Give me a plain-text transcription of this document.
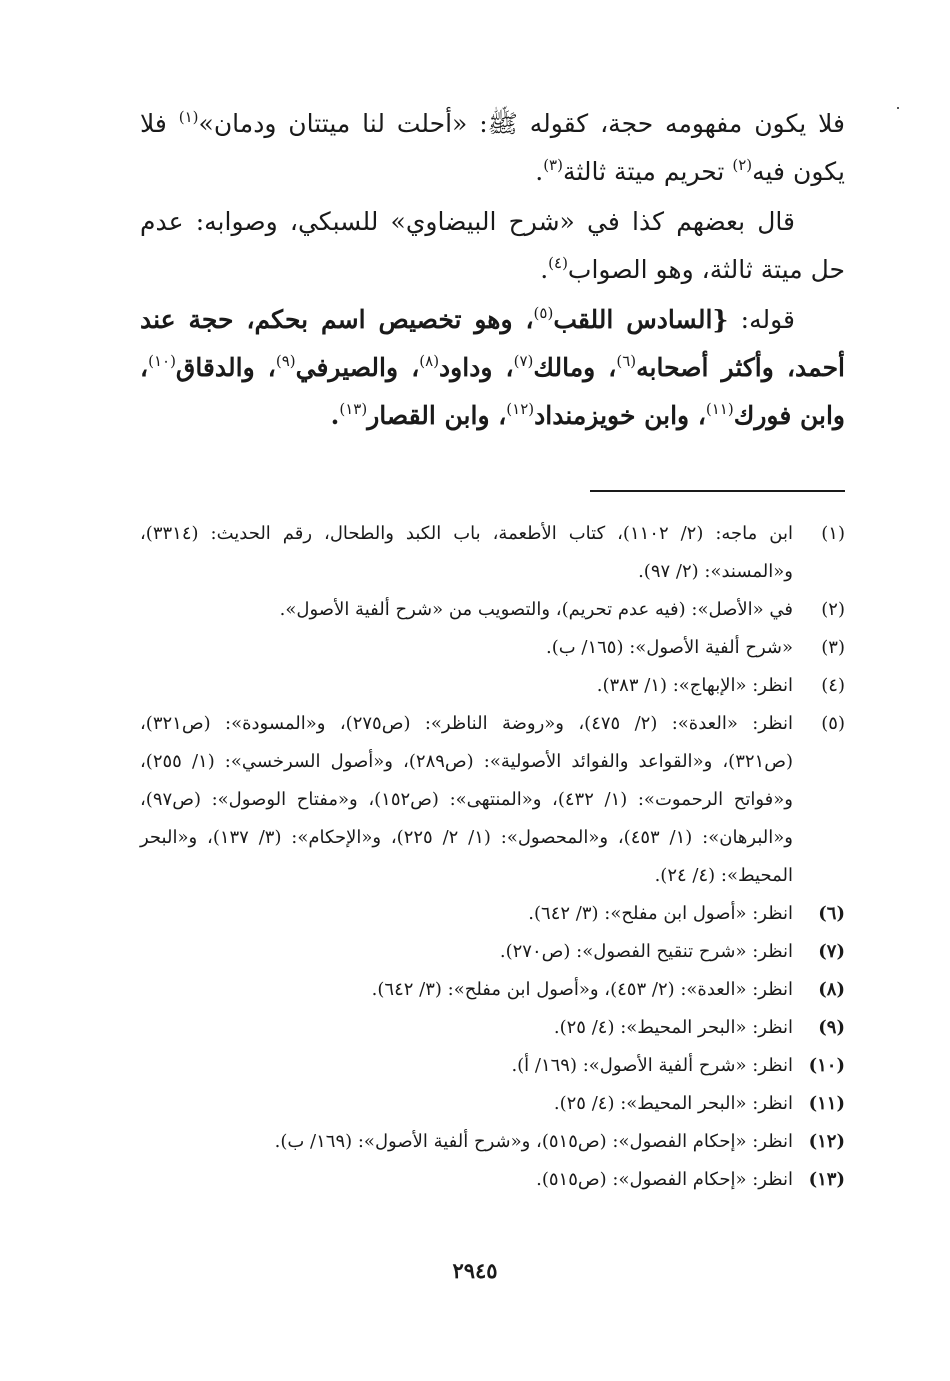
فلا يكون مفهومه حجة، كقوله ﷺ: «أحلت لنا ميتتان ودمان»$^{(١)}$ فلا يكون فيه$^{(٢)}$ تحريم ميتة ثالثة$^{(٣)}$.

قال بعضهم كذا في «شرح البيضاوي» للسبكي، وصوابه: عدم حل ميتة ثالثة، وهو الصواب$^{(٤)}$.

قوله: {السادس اللقب$^{(٥)}$، وهو تخصيص اسم بحكم، حجة عند أحمد، وأكثر أصحابه$^{(٦)}$، ومالك$^{(٧)}$، وداود$^{(٨)}$، والصيرفي$^{(٩)}$، والدقاق$^{(١٠)}$، وابن فورك$^{(١١)}$، وابن خويزمنداد$^{(١٢)}$، وابن القصار$^{(١٣)}$.

(١)
ابن ماجه: (٢/ ١١٠٢)، كتاب الأطعمة، باب الكبد والطحال، رقم الحديث: (٣٣١٤)، و«المسند»: (٢/ ٩٧).
(٢)
في «الأصل»: (فيه عدم تحريم)، والتصويب من «شرح ألفية الأصول».
(٣)
«شرح ألفية الأصول»: (١٦٥/ ب).
(٤)
انظر: «الإبهاج»: (١/ ٣٨٣).
(٥)
انظر: «العدة»: (٢/ ٤٧٥)، و«روضة الناظر»: (ص٢٧٥)، و«المسودة»: (ص٣٢١)، (ص٣٢١)، و«القواعد والفوائد الأصولية»: (ص٢٨٩)، و«أصول السرخسي»: (١/ ٢٥٥)، و«فواتح الرحموت»: (١/ ٤٣٢)، و«المنتهى»: (ص١٥٢)، و«مفتاح الوصول»: (ص٩٧)، و«البرهان»: (١/ ٤٥٣)، و«المحصول»: (١/ ٢/ ٢٢٥)، و«الإحكام»: (٣/ ١٣٧)، و«البحر المحيط»: (٤/ ٢٤).
(٦)
انظر: «أصول ابن مفلح»: (٣/ ٦٤٢).
(٧)
انظر: «شرح تنقيح الفصول»: (ص٢٧٠).
(٨)
انظر: «العدة»: (٢/ ٤٥٣)، و«أصول ابن مفلح»: (٣/ ٦٤٢).
(٩)
انظر: «البحر المحيط»: (٤/ ٢٥).
(١٠)
انظر: «شرح ألفية الأصول»: (١٦٩/ أ).
(١١)
انظر: «البحر المحيط»: (٤/ ٢٥).
(١٢)
انظر: «إحكام الفصول»: (ص٥١٥)، و«شرح ألفية الأصول»: (١٦٩/ ب).
(١٣)
انظر: «إحكام الفصول»: (ص٥١٥).
٢٩٤٥
